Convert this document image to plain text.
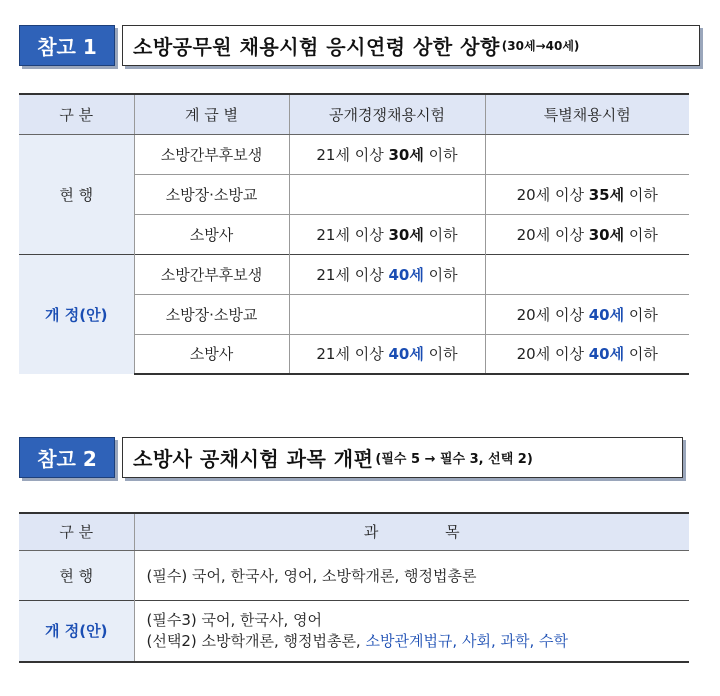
참고 1	소방공무원 채용시험 응시연령 상한 상향 (30세→40세)
구 분	계 급 별	공개경쟁채용시험	특별채용시험
현 행	소방간부후보생	21세 이상 30세 이하	
	소방장·소방교		20세 이상 35세 이하
	소방사	21세 이상 30세 이하	20세 이상 30세 이하
개 정(안)	소방간부후보생	21세 이상 40세 이하	
	소방장·소방교		20세 이상 40세 이하
	소방사	21세 이상 40세 이하	20세 이상 40세 이하
참고 2	소방사 공채시험 과목 개편 (필수 5 → 필수 3, 선택 2)
구 분	과              목
현 행	(필수) 국어, 한국사, 영어, 소방학개론, 행정법총론
개 정(안)	(필수3) 국어, 한국사, 영어
(선택2) 소방학개론, 행정법총론, 소방관계법규, 사회, 과학, 수학
